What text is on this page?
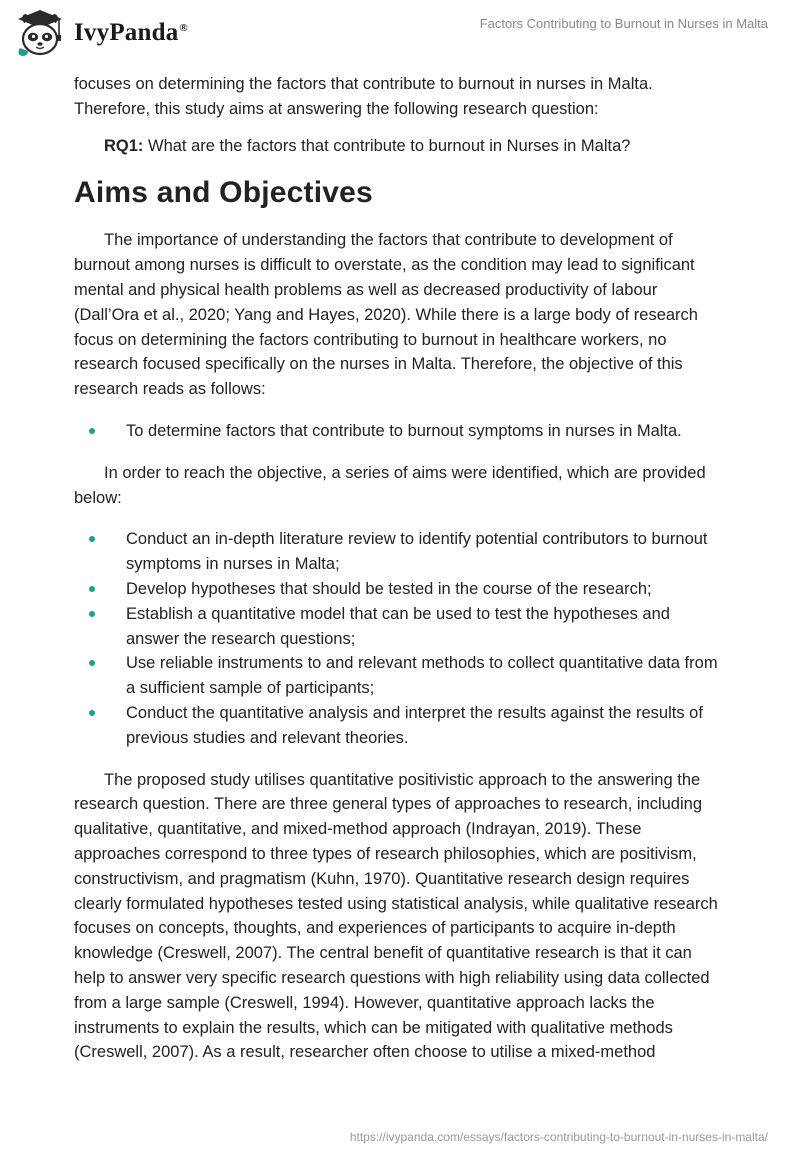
IvyPanda®	Factors Contributing to Burnout in Nurses in Malta

focuses on determining the factors that contribute to burnout in nurses in Malta. Therefore, this study aims at answering the following research question:

RQ1: What are the factors that contribute to burnout in Nurses in Malta?

Aims and Objectives

The importance of understanding the factors that contribute to development of burnout among nurses is difficult to overstate, as the condition may lead to significant mental and physical health problems as well as decreased productivity of labour (Dall’Ora et al., 2020; Yang and Hayes, 2020). While there is a large body of research focus on determining the factors contributing to burnout in healthcare workers, no research focused specifically on the nurses in Malta. Therefore, the objective of this research reads as follows:

To determine factors that contribute to burnout symptoms in nurses in Malta.

In order to reach the objective, a series of aims were identified, which are provided below:

Conduct an in-depth literature review to identify potential contributors to burnout symptoms in nurses in Malta;
Develop hypotheses that should be tested in the course of the research;
Establish a quantitative model that can be used to test the hypotheses and answer the research questions;
Use reliable instruments to and relevant methods to collect quantitative data from a sufficient sample of participants;
Conduct the quantitative analysis and interpret the results against the results of previous studies and relevant theories.

The proposed study utilises quantitative positivistic approach to the answering the research question. There are three general types of approaches to research, including qualitative, quantitative, and mixed-method approach (Indrayan, 2019). These approaches correspond to three types of research philosophies, which are positivism, constructivism, and pragmatism (Kuhn, 1970). Quantitative research design requires clearly formulated hypotheses tested using statistical analysis, while qualitative research focuses on concepts, thoughts, and experiences of participants to acquire in-depth knowledge (Creswell, 2007). The central benefit of quantitative research is that it can help to answer very specific research questions with high reliability using data collected from a large sample (Creswell, 1994). However, quantitative approach lacks the instruments to explain the results, which can be mitigated with qualitative methods (Creswell, 2007). As a result, researcher often choose to utilise a mixed-method

https://ivypanda.com/essays/factors-contributing-to-burnout-in-nurses-in-malta/
